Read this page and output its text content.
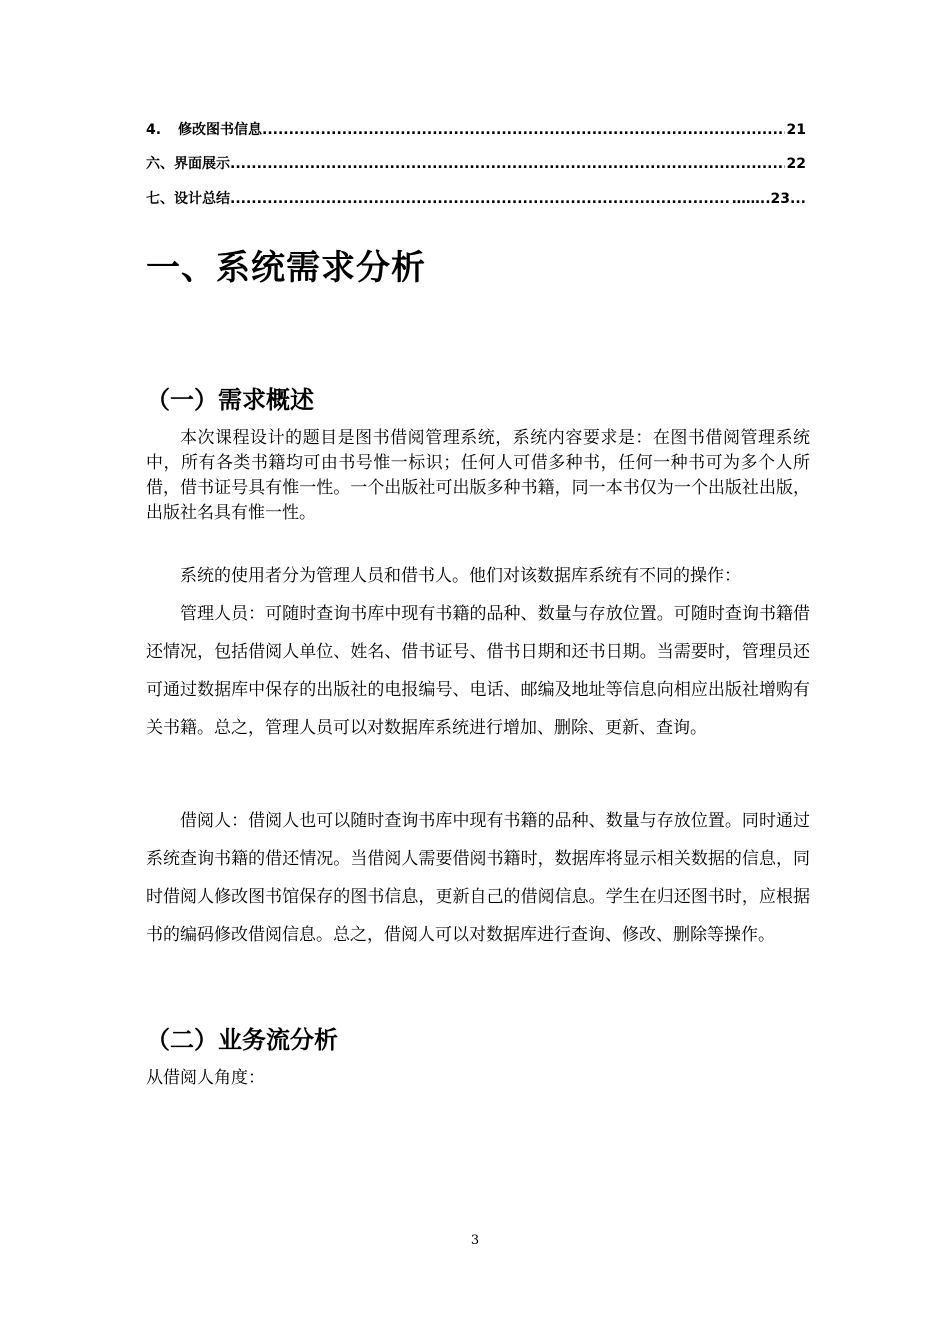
4.	修改图书信息 .....	21
六、界面展示 .....	22
七、设计总结 .....	……..23...
一、系统需求分析
（一）需求概述
本次课程设计的题目是图书借阅管理系统，系统内容要求是：在图书借阅管理系统中，所有各类书籍均可由书号惟一标识；任何人可借多种书，任何一种书可为多个人所借，借书证号具有惟一性。一个出版社可出版多种书籍，同一本书仅为一个出版社出版，出版社名具有惟一性。
系统的使用者分为管理人员和借书人。他们对该数据库系统有不同的操作：
管理人员：可随时查询书库中现有书籍的品种、数量与存放位置。可随时查询书籍借还情况，包括借阅人单位、姓名、借书证号、借书日期和还书日期。当需要时，管理员还可通过数据库中保存的出版社的电报编号、电话、邮编及地址等信息向相应出版社增购有关书籍。总之，管理人员可以对数据库系统进行增加、删除、更新、查询。
借阅人：借阅人也可以随时查询书库中现有书籍的品种、数量与存放位置。同时通过系统查询书籍的借还情况。当借阅人需要借阅书籍时，数据库将显示相关数据的信息，同时借阅人修改图书馆保存的图书信息，更新自己的借阅信息。学生在归还图书时，应根据书的编码修改借阅信息。总之，借阅人可以对数据库进行查询、修改、删除等操作。
（二）业务流分析
从借阅人角度：
3
